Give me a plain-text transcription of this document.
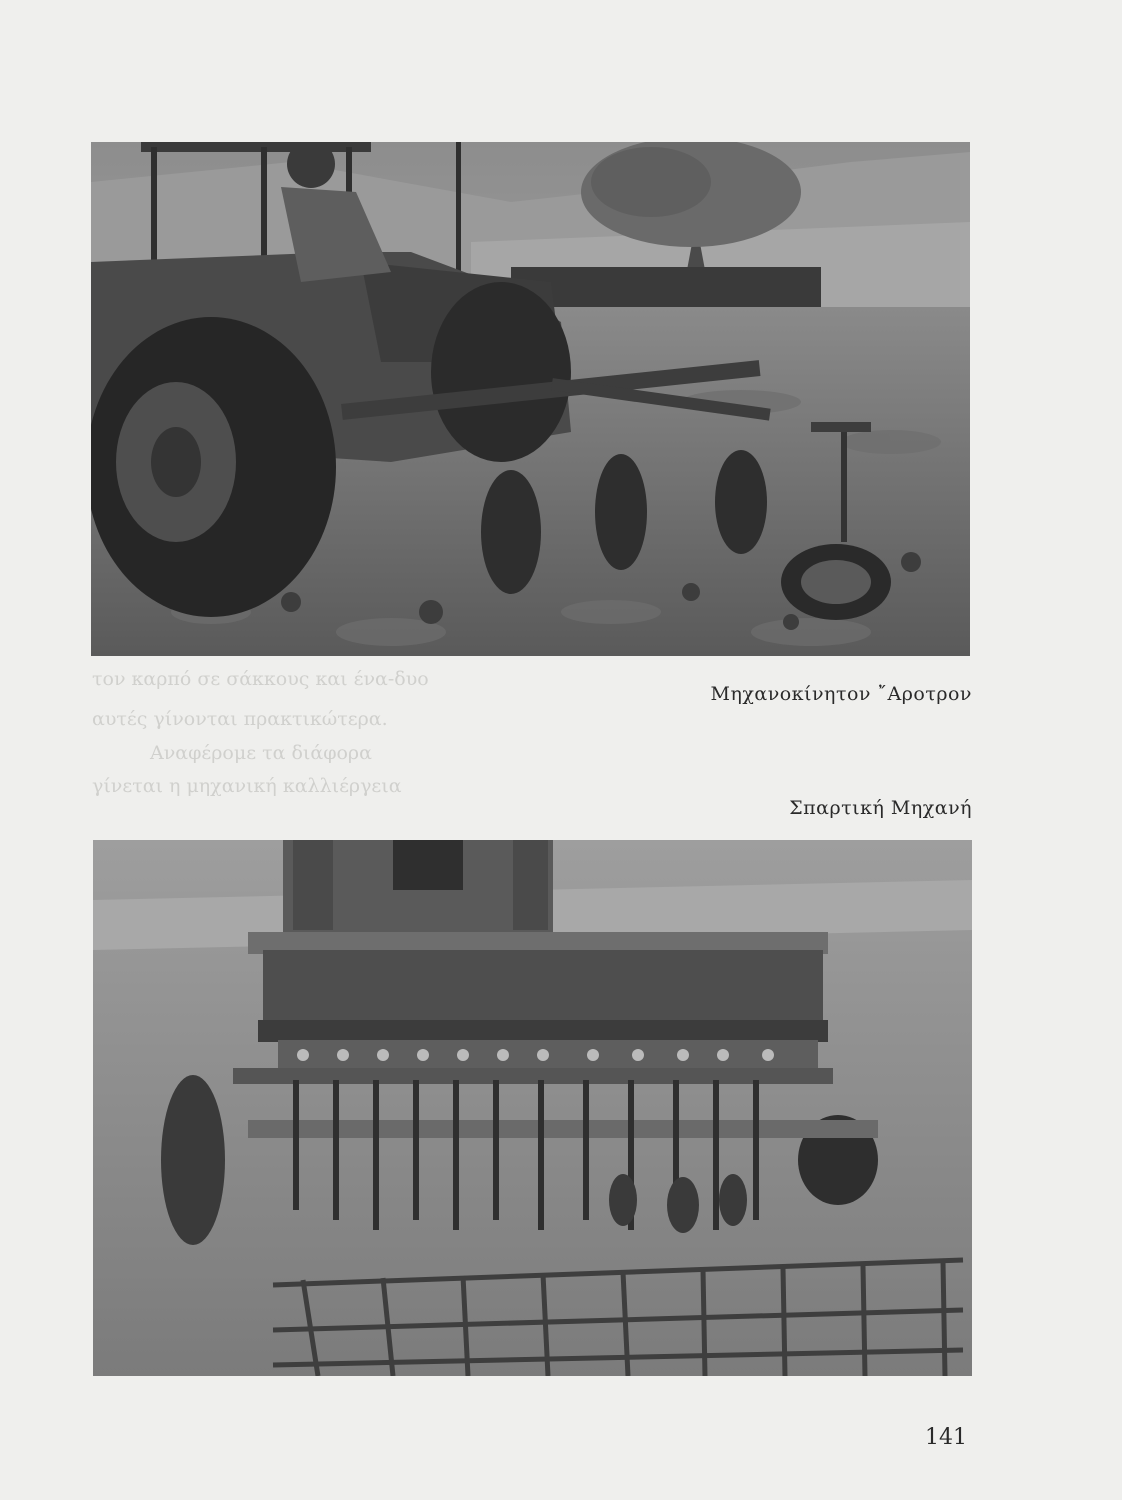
τον καρπό σε σάκκους και ένα-δυο
αυτές γίνονται πρακτικώτερα.
Αναφέρομε τα διάφορα
γίνεται η μηχανική καλλιέργεια
Μηχανοκίνητον ῎Αροτρον
Σπαρτική Μηχανή
141
